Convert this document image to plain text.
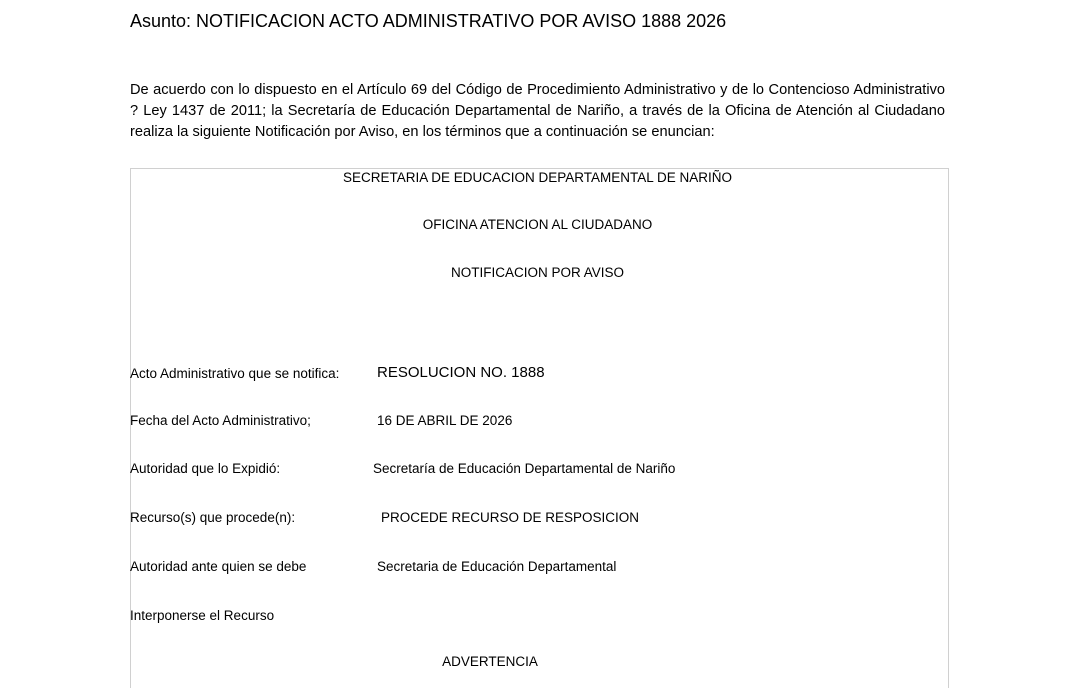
Asunto: NOTIFICACION ACTO ADMINISTRATIVO POR AVISO 1888 2026
De acuerdo con lo dispuesto en el Artículo 69 del Código de Procedimiento Administrativo y de lo Contencioso Administrativo ? Ley 1437 de 2011; la Secretaría de Educación Departamental de Nariño, a través de la Oficina de Atención al Ciudadano realiza la siguiente Notificación por Aviso, en los términos que a continuación se enuncian:
SECRETARIA DE EDUCACION DEPARTAMENTAL DE NARIÑO
OFICINA ATENCION AL CIUDADANO
NOTIFICACION POR AVISO
Acto Administrativo que se notifica:	RESOLUCION NO. 1888
Fecha del Acto Administrativo;	16 DE ABRIL DE 2026
Autoridad que lo Expidió:	Secretaría de Educación Departamental de Nariño
Recurso(s) que procede(n):	PROCEDE RECURSO DE RESPOSICION
Autoridad ante quien se debe	Secretaria de Educación Departamental
Interponerse el Recurso
ADVERTENCIA
